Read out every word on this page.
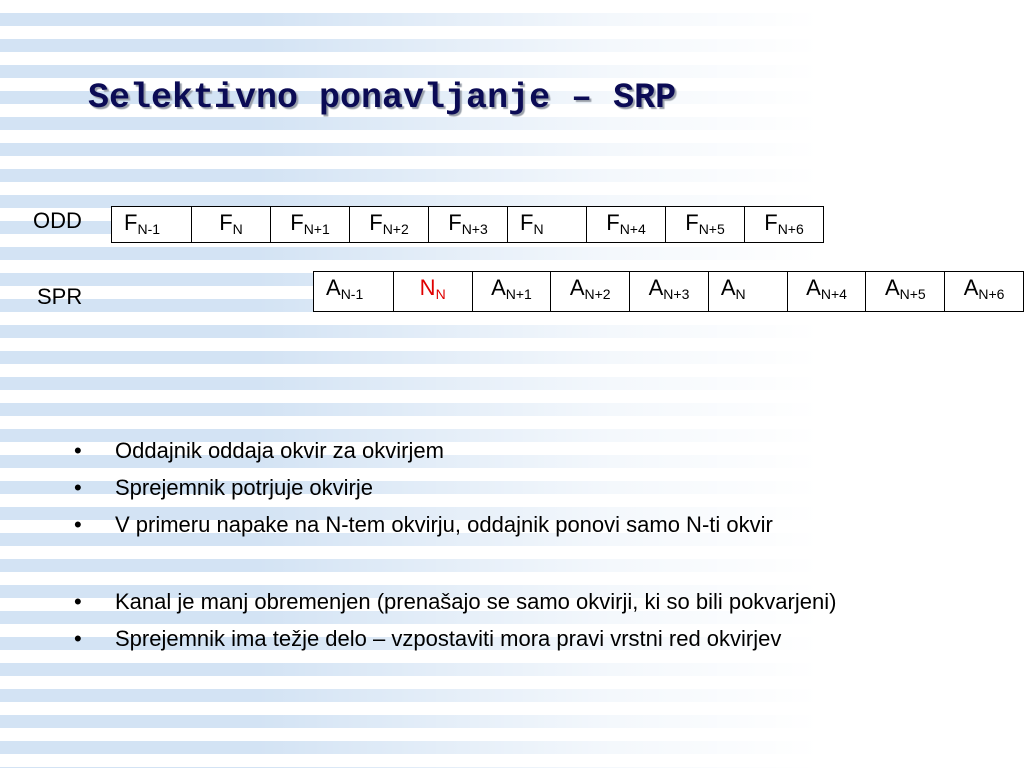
Selektivno ponavljanje – SRP
ODD	$F_{N-1}$	$F_N$	$F_{N+1}$	$F_{N+2}$	$F_{N+3}$	$F_N$	$F_{N+4}$	$F_{N+5}$	$F_{N+6}$
SPR	$A_{N-1}$	$N_N$	$A_{N+1}$	$A_{N+2}$	$A_{N+3}$	$A_N$	$A_{N+4}$	$A_{N+5}$	$A_{N+6}$
• Oddajnik oddaja okvir za okvirjem
• Sprejemnik potrjuje okvirje
• V primeru napake na N-tem okvirju, oddajnik ponovi samo N-ti okvir
• Kanal je manj obremenjen (prenašajo se samo okvirji, ki so bili pokvarjeni)
• Sprejemnik ima težje delo – vzpostaviti mora pravi vrstni red okvirjev
